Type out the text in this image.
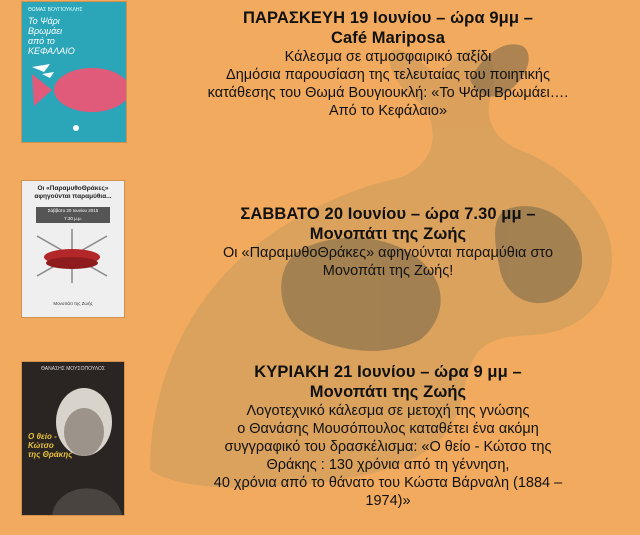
ΘΩΜΑΣ ΒΟΥΓΙΟΥΚΛΗΣ
Το Ψάρι
Βρωμάει
από το
ΚΕΦΑΛΑΙΟ
Οι «ΠαραμυθοΘράκες»
αφηγούνται παραμύθια...
Σάββατο 20 Ιουνίου 2015
7.30 μ.μ.
Μονοπάτι της Ζωής
ΘΑΝΑΣΗΣ ΜΟΥΣΟΠΟΥΛΟΣ
Ο θείο -
Κώτσο
της Θράκης
ΠΑΡΑΣΚΕΥΗ 19 Ιουνίου – ώρα 9μμ –
Café Mariposa
Κάλεσμα σε ατμοσφαιρικό ταξίδι
Δημόσια παρουσίαση της τελευταίας του ποιητικής
κατάθεσης του Θωμά Βουγιουκλή: «Το Ψάρι Βρωμάει….
Από το Κεφάλαιο»
ΣΑΒΒΑΤΟ 20 Ιουνίου – ώρα 7.30 μμ –
Μονοπάτι της Ζωής
Οι «ΠαραμυθοΘράκες» αφηγούνται παραμύθια στο
Μονοπάτι της Ζωής!
ΚΥΡΙΑΚΗ 21 Ιουνίου – ώρα 9 μμ –
Μονοπάτι της Ζωής
Λογοτεχνικό κάλεσμα σε μετοχή της γνώσης
ο Θανάσης Μουσόπουλος καταθέτει ένα ακόμη
συγγραφικό του δρασκέλισμα: «Ο θείο - Κώτσο της
Θράκης : 130 χρόνια από τη γέννηση,
40 χρόνια από το θάνατο του Κώστα Βάρναλη (1884 –
1974)»
